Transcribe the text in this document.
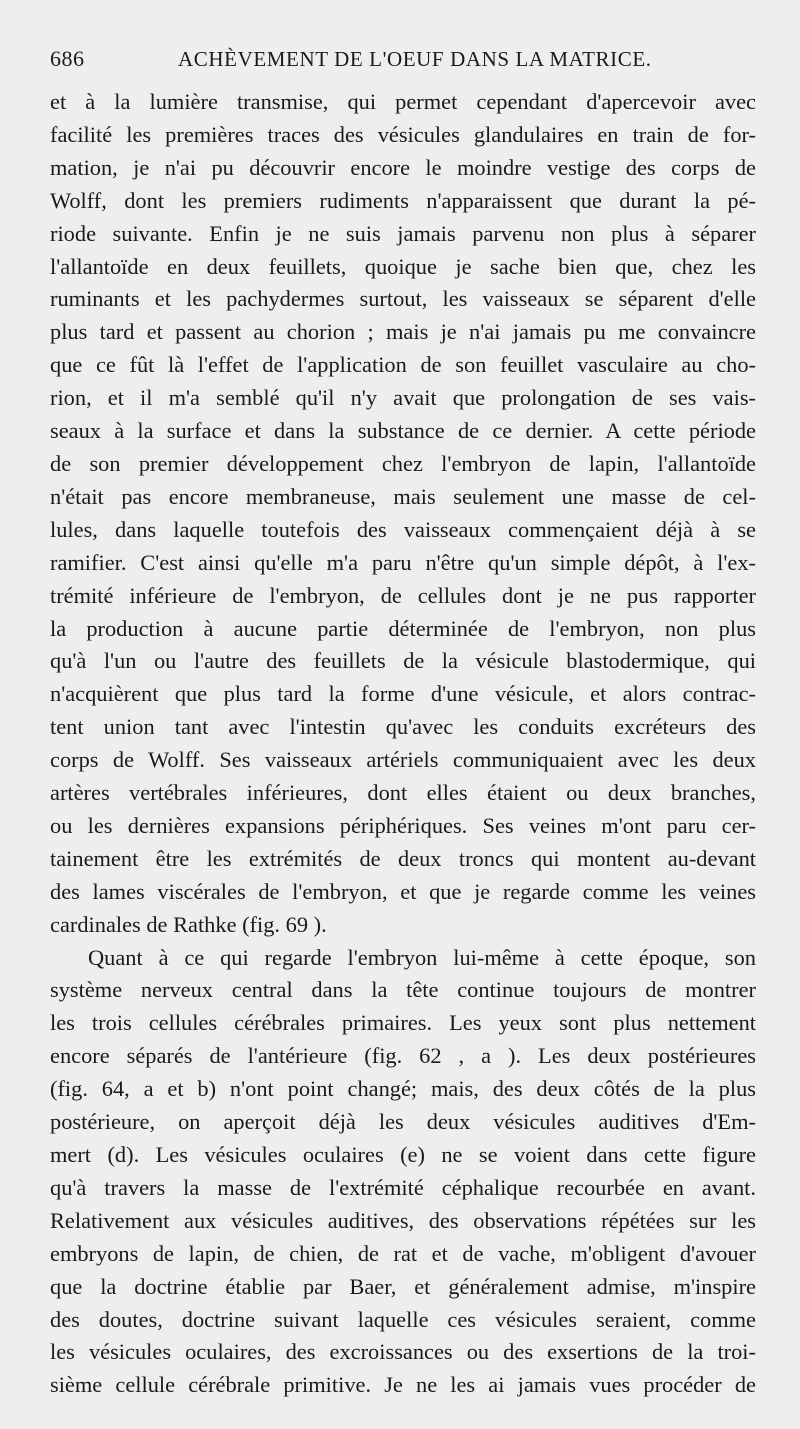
686	ACHÈVEMENT DE L'OEUF DANS LA MATRICE.
et à la lumière transmise, qui permet cependant d'apercevoir avec
facilité les premières traces des vésicules glandulaires en train de for-
mation, je n'ai pu découvrir encore le moindre vestige des corps de
Wolff, dont les premiers rudiments n'apparaissent que durant la pé-
riode suivante. Enfin je ne suis jamais parvenu non plus à séparer
l'allantoïde en deux feuillets, quoique je sache bien que, chez les
ruminants et les pachydermes surtout, les vaisseaux se séparent d'elle
plus tard et passent au chorion ; mais je n'ai jamais pu me convaincre
que ce fût là l'effet de l'application de son feuillet vasculaire au cho-
rion, et il m'a semblé qu'il n'y avait que prolongation de ses vais-
seaux à la surface et dans la substance de ce dernier. A cette période
de son premier développement chez l'embryon de lapin, l'allantoïde
n'était pas encore membraneuse, mais seulement une masse de cel-
lules, dans laquelle toutefois des vaisseaux commençaient déjà à se
ramifier. C'est ainsi qu'elle m'a paru n'être qu'un simple dépôt, à l'ex-
trémité inférieure de l'embryon, de cellules dont je ne pus rapporter
la production à aucune partie déterminée de l'embryon, non plus
qu'à l'un ou l'autre des feuillets de la vésicule blastodermique, qui
n'acquièrent que plus tard la forme d'une vésicule, et alors contrac-
tent union tant avec l'intestin qu'avec les conduits excréteurs des
corps de Wolff. Ses vaisseaux artériels communiquaient avec les deux
artères vertébrales inférieures, dont elles étaient ou deux branches,
ou les dernières expansions périphériques. Ses veines m'ont paru cer-
tainement être les extrémités de deux troncs qui montent au-devant
des lames viscérales de l'embryon, et que je regarde comme les veines
cardinales de Rathke (fig. 69 ).
Quant à ce qui regarde l'embryon lui-même à cette époque, son
système nerveux central dans la tête continue toujours de montrer
les trois cellules cérébrales primaires. Les yeux sont plus nettement
encore séparés de l'antérieure (fig. 62 , a ). Les deux postérieures
(fig. 64, a et b) n'ont point changé; mais, des deux côtés de la plus
postérieure, on aperçoit déjà les deux vésicules auditives d'Em-
mert (d). Les vésicules oculaires (e) ne se voient dans cette figure
qu'à travers la masse de l'extrémité céphalique recourbée en avant.
Relativement aux vésicules auditives, des observations répétées sur les
embryons de lapin, de chien, de rat et de vache, m'obligent d'avouer
que la doctrine établie par Baer, et généralement admise, m'inspire
des doutes, doctrine suivant laquelle ces vésicules seraient, comme
les vésicules oculaires, des excroissances ou des exsertions de la troi-
sième cellule cérébrale primitive. Je ne les ai jamais vues procéder de
